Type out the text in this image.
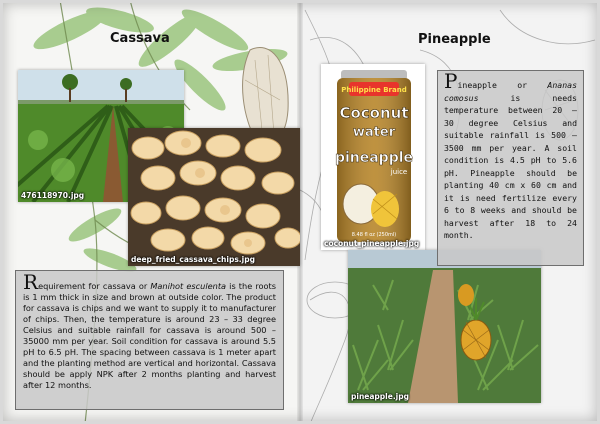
Cassava	Pineapple
476118970.jpg
deep_fried_cassava_chips.jpg
Philippine Brand
Coconut
water
pineapple
juice
8.48 fl oz (250ml)
coconut_pineapple.jpg
pineapple.jpg
Requirement for cassava or Manihot esculenta is the roots is 1 mm thick in size and brown at outside color. The product for cassava is chips and we want to supply it to manufacturer of chips. Then, the temperature is around 23 – 33 degree Celsius and suitable rainfall for cassava is around 500 – 35000 mm per year. Soil condition for cassava is around 5.5 pH to 6.5 pH. The spacing between cassava is 1 meter apart and the planting method are vertical and horizontal. Cassava should be apply NPK after 2 months planting and harvest after 12 months.
Pineapple or Ananas comosus is needs temperature between 20 – 30 degree Celsius and suitable rainfall is 500 – 3500 mm per year. A soil condition is 4.5 pH to 5.6 pH. Pineapple should be planting 40 cm x 60 cm and it is need fertilize every 6 to 8 weeks and should be harvest after 18 to 24 month.
